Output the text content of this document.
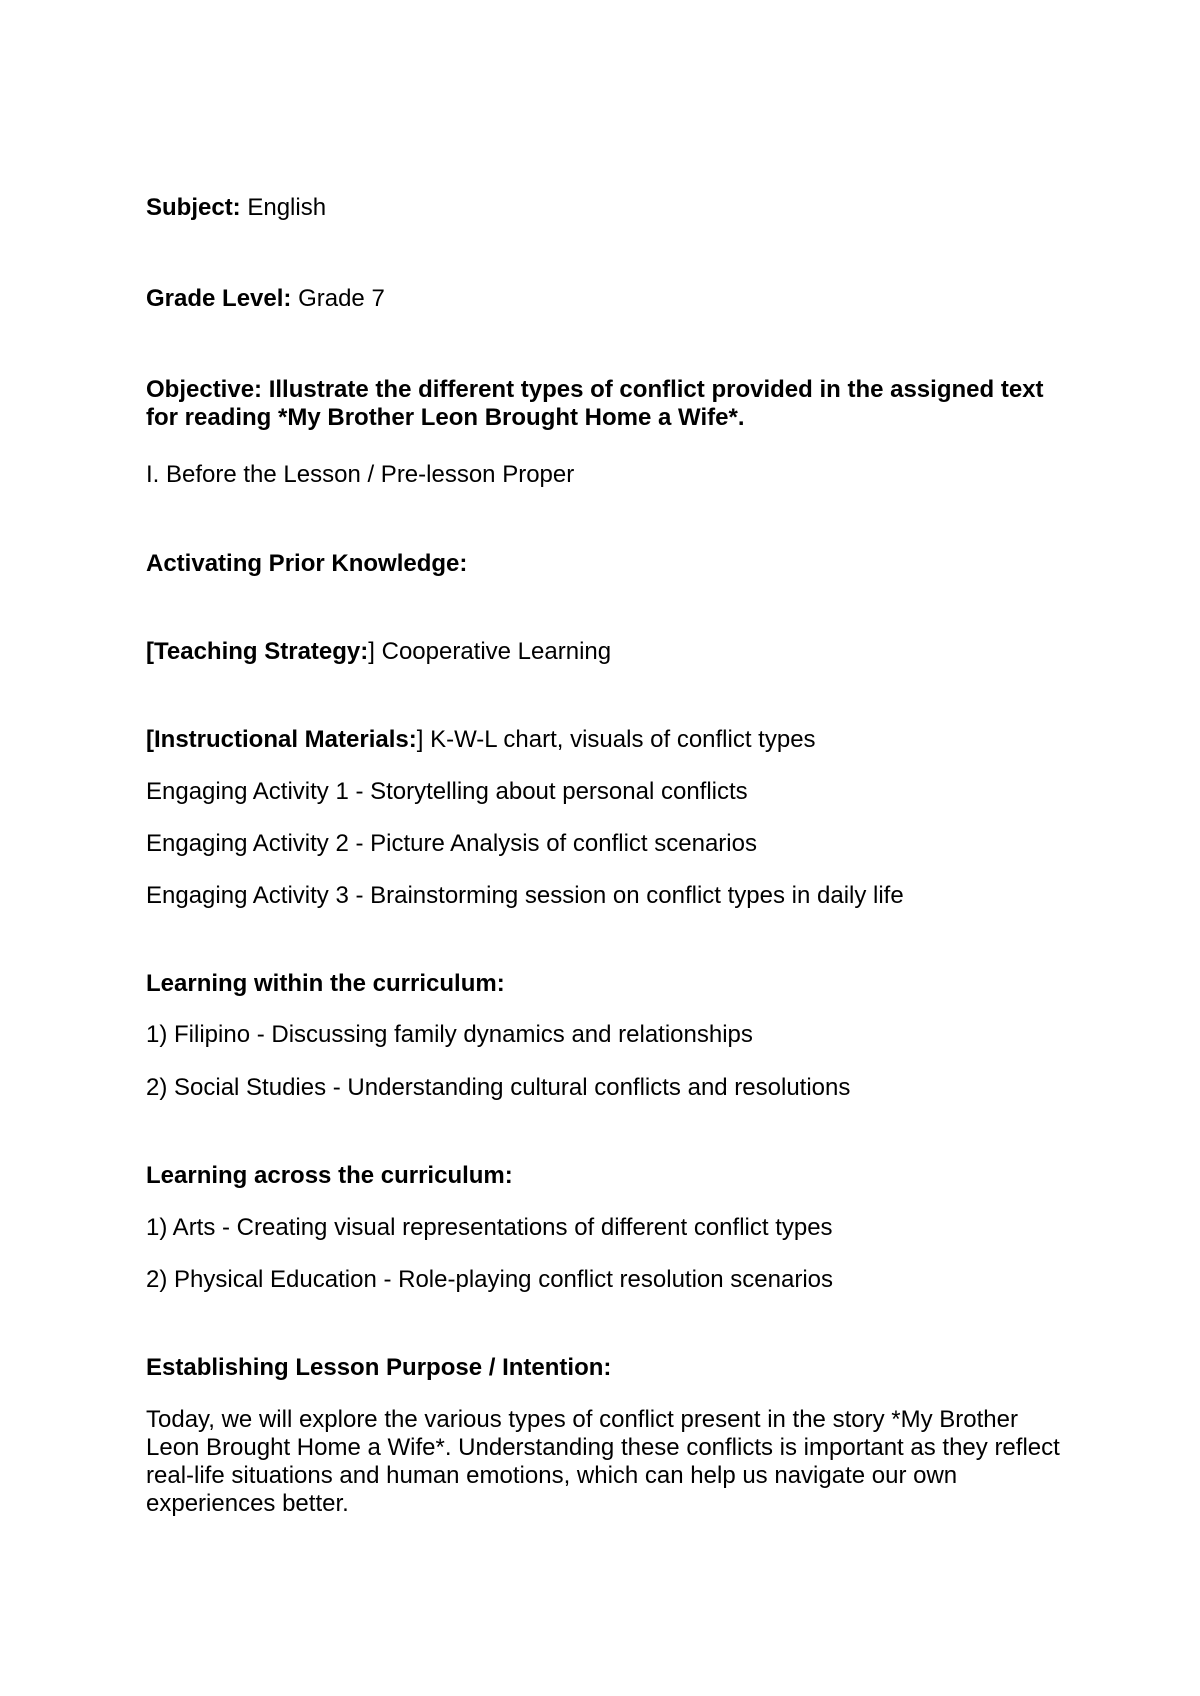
Subject: English
Grade Level: Grade 7
Objective: Illustrate the different types of conflict provided in the assigned text for reading *My Brother Leon Brought Home a Wife*.
I. Before the Lesson / Pre-lesson Proper
Activating Prior Knowledge:
[Teaching Strategy:] Cooperative Learning
[Instructional Materials:] K-W-L chart, visuals of conflict types
Engaging Activity 1 - Storytelling about personal conflicts
Engaging Activity 2 - Picture Analysis of conflict scenarios
Engaging Activity 3 - Brainstorming session on conflict types in daily life
Learning within the curriculum:
1) Filipino - Discussing family dynamics and relationships
2) Social Studies - Understanding cultural conflicts and resolutions
Learning across the curriculum:
1) Arts - Creating visual representations of different conflict types
2) Physical Education - Role-playing conflict resolution scenarios
Establishing Lesson Purpose / Intention:
Today, we will explore the various types of conflict present in the story *My Brother Leon Brought Home a Wife*. Understanding these conflicts is important as they reflect real-life situations and human emotions, which can help us navigate our own experiences better.
